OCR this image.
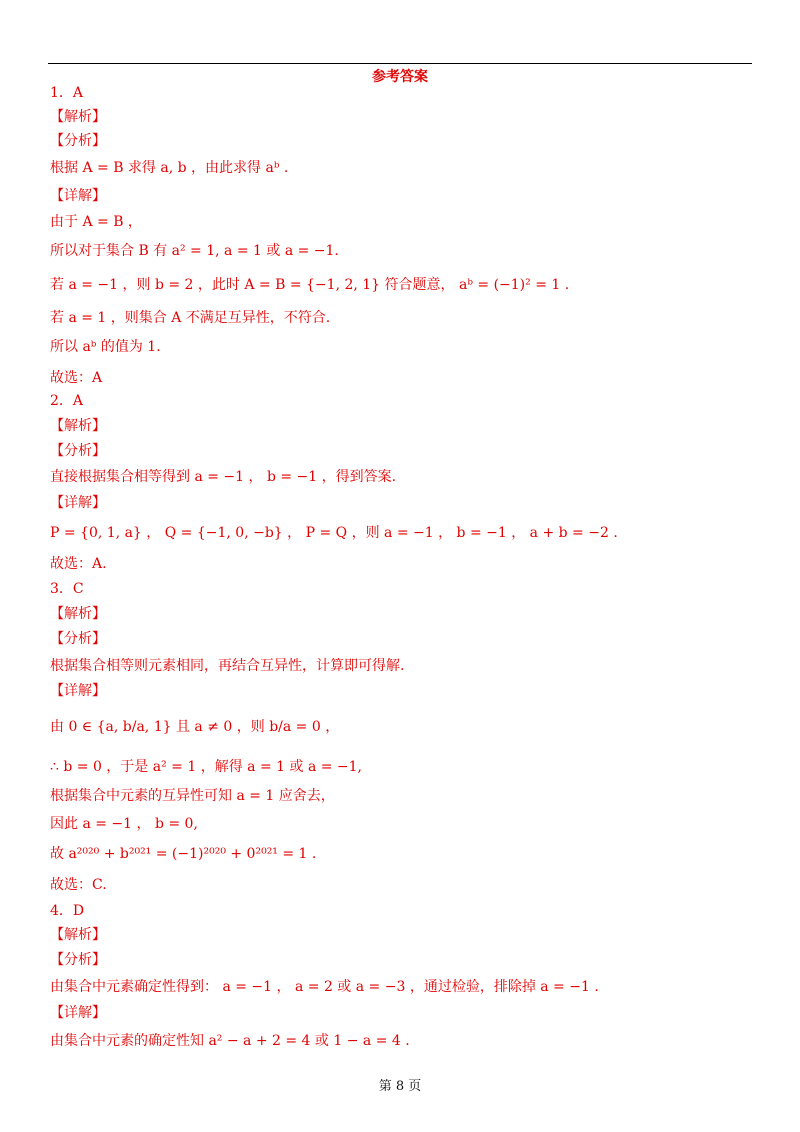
参考答案
1．A
【解析】
【分析】
根据 A = B 求得 a, b ，由此求得 aᵇ .
【详解】
由于 A = B ，
所以对于集合 B 有 a² = 1, a = 1 或 a = −1.
若 a = −1 ，则 b = 2 ，此时 A = B = {−1, 2, 1} 符合题意， aᵇ = (−1)² = 1 .
若 a = 1 ，则集合 A 不满足互异性，不符合.
所以 aᵇ 的值为 1.
故选：A
2．A
【解析】
【分析】
直接根据集合相等得到 a = −1 ， b = −1 ，得到答案.
【详解】
P = {0, 1, a} ， Q = {−1, 0, −b} ， P = Q ，则 a = −1 ， b = −1 ， a + b = −2 .
故选：A.
3．C
【解析】
【分析】
根据集合相等则元素相同，再结合互异性，计算即可得解.
【详解】
由 0 ∈ {a, b/a, 1} 且 a ≠ 0 ，则 b/a = 0 ，
∴ b = 0 ，于是 a² = 1 ，解得 a = 1 或 a = −1,
根据集合中元素的互异性可知 a = 1 应舍去，
因此 a = −1 ， b = 0,
故 a²⁰²⁰ + b²⁰²¹ = (−1)²⁰²⁰ + 0²⁰²¹ = 1 .
故选：C.
4．D
【解析】
【分析】
由集合中元素确定性得到： a = −1 ， a = 2 或 a = −3 ，通过检验，排除掉 a = −1 .
【详解】
由集合中元素的确定性知 a² − a + 2 = 4 或 1 − a = 4 .
第 8 页
